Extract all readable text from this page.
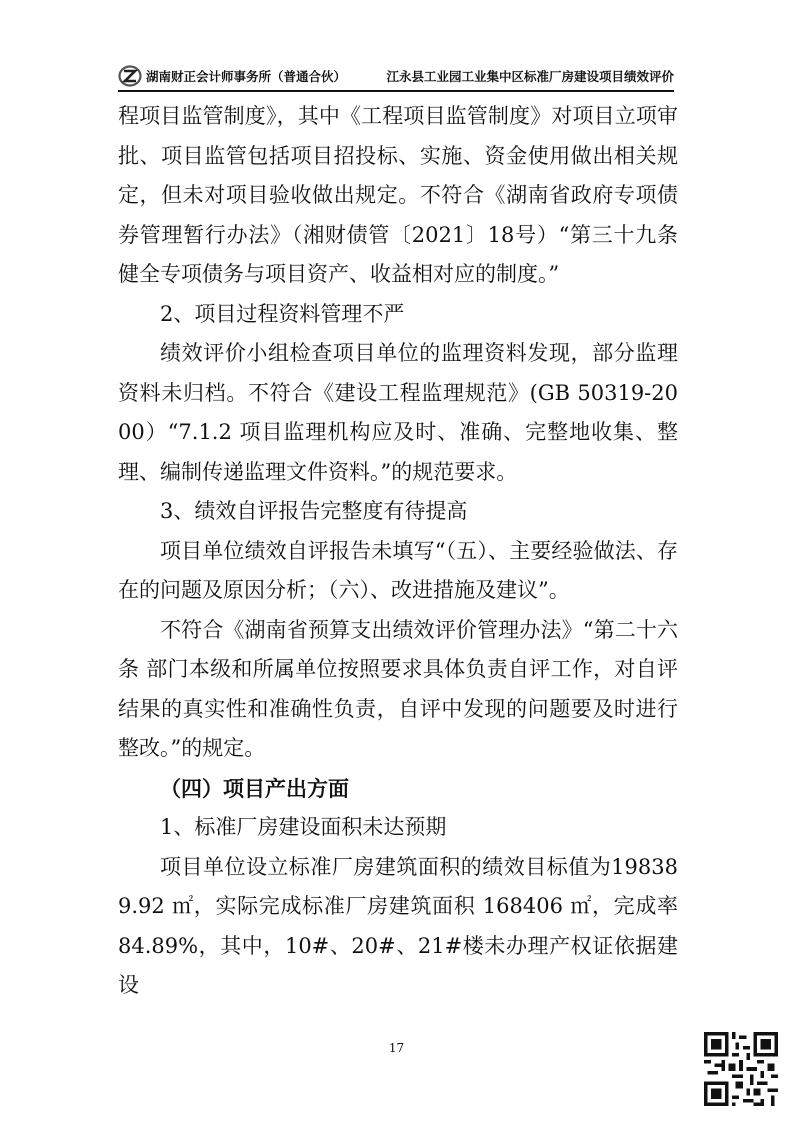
湖南财正会计师事务所（普通合伙）	江永县工业园工业集中区标准厂房建设项目绩效评价

程项目监管制度》，其中《工程项目监管制度》对项目立项审批、项目监管包括项目招投标、实施、资金使用做出相关规定，但未对项目验收做出规定。不符合《湖南省政府专项债券管理暂行办法》（湘财债管〔2021〕18号）“第三十九条 健全专项债务与项目资产、收益相对应的制度。”

2、项目过程资料管理不严

绩效评价小组检查项目单位的监理资料发现，部分监理资料未归档。不符合《建设工程监理规范》(GB 50319-2000）“7.1.2 项目监理机构应及时、准确、完整地收集、整理、编制传递监理文件资料。”的规范要求。

3、绩效自评报告完整度有待提高

项目单位绩效自评报告未填写“（五）、主要经验做法、存在的问题及原因分析；（六）、改进措施及建议”。

不符合《湖南省预算支出绩效评价管理办法》“第二十六条 部门本级和所属单位按照要求具体负责自评工作，对自评结果的真实性和准确性负责，自评中发现的问题要及时进行整改。”的规定。

（四）项目产出方面

1、标准厂房建设面积未达预期

项目单位设立标准厂房建筑面积的绩效目标值为198389.92 ㎡，实际完成标准厂房建筑面积 168406 ㎡，完成率 84.89%，其中，10#、20#、21#楼未办理产权证依据建设

17
